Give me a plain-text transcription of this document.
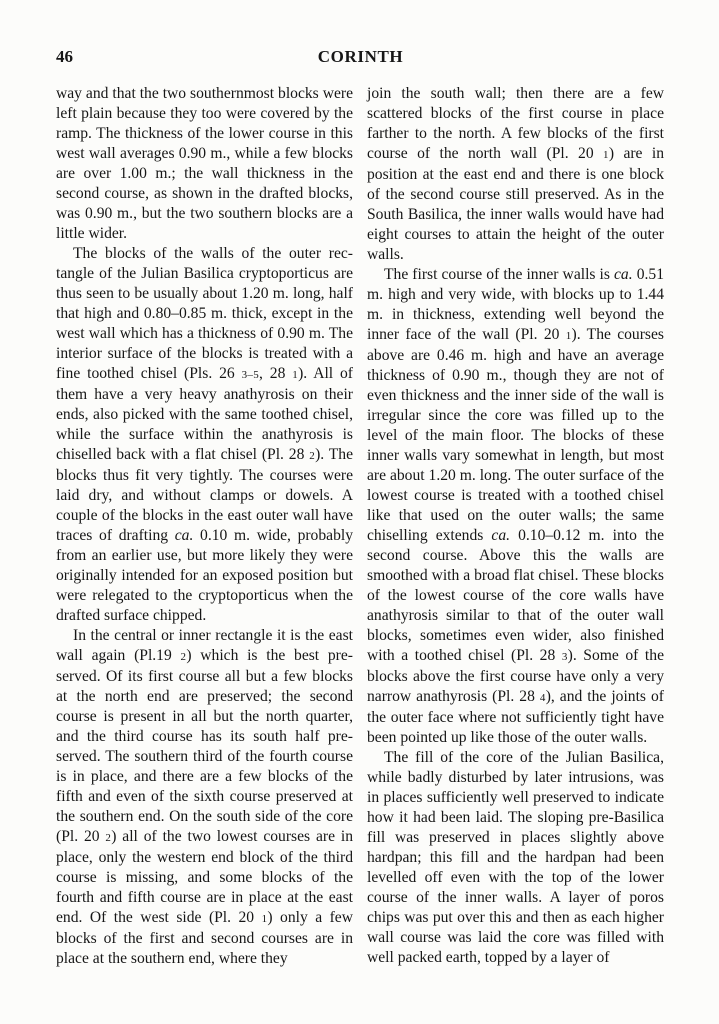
46	CORINTH

way and that the two southernmost blocks were left plain because they too were covered by the ramp. The thickness of the lower course in this west wall averages 0.90 m., while a few blocks are over 1.00 m.; the wall thickness in the second course, as shown in the drafted blocks, was 0.90 m., but the two southern blocks are a little wider.

The blocks of the walls of the outer rectangle of the Julian Basilica cryptoporticus are thus seen to be usually about 1.20 m. long, half that high and 0.80–0.85 m. thick, except in the west wall which has a thickness of 0.90 m. The interior surface of the blocks is treated with a fine toothed chisel (Pls. 26 3–5, 28 1). All of them have a very heavy anathyrosis on their ends, also picked with the same toothed chisel, while the surface within the anathyrosis is chiselled back with a flat chisel (Pl. 28 2). The blocks thus fit very tightly. The courses were laid dry, and without clamps or dowels. A couple of the blocks in the east outer wall have traces of drafting ca. 0.10 m. wide, probably from an earlier use, but more likely they were originally intended for an exposed position but were relegated to the cryptoporticus when the drafted surface chipped.

In the central or inner rectangle it is the east wall again (Pl.19 2) which is the best preserved. Of its first course all but a few blocks at the north end are preserved; the second course is present in all but the north quarter, and the third course has its south half preserved. The southern third of the fourth course is in place, and there are a few blocks of the fifth and even of the sixth course preserved at the southern end. On the south side of the core (Pl. 20 2) all of the two lowest courses are in place, only the western end block of the third course is missing, and some blocks of the fourth and fifth course are in place at the east end. Of the west side (Pl. 20 1) only a few blocks of the first and second courses are in place at the southern end, where they

join the south wall; then there are a few scattered blocks of the first course in place farther to the north. A few blocks of the first course of the north wall (Pl. 20 1) are in position at the east end and there is one block of the second course still preserved. As in the South Basilica, the inner walls would have had eight courses to attain the height of the outer walls.

The first course of the inner walls is ca. 0.51 m. high and very wide, with blocks up to 1.44 m. in thickness, extending well beyond the inner face of the wall (Pl. 20 1). The courses above are 0.46 m. high and have an average thickness of 0.90 m., though they are not of even thickness and the inner side of the wall is irregular since the core was filled up to the level of the main floor. The blocks of these inner walls vary somewhat in length, but most are about 1.20 m. long. The outer surface of the lowest course is treated with a toothed chisel like that used on the outer walls; the same chiselling extends ca. 0.10–0.12 m. into the second course. Above this the walls are smoothed with a broad flat chisel. These blocks of the lowest course of the core walls have anathyrosis similar to that of the outer wall blocks, sometimes even wider, also finished with a toothed chisel (Pl. 28 3). Some of the blocks above the first course have only a very narrow anathyrosis (Pl. 28 4), and the joints of the outer face where not sufficiently tight have been pointed up like those of the outer walls.

The fill of the core of the Julian Basilica, while badly disturbed by later intrusions, was in places sufficiently well preserved to indicate how it had been laid. The sloping pre-Basilica fill was preserved in places slightly above hardpan; this fill and the hardpan had been levelled off even with the top of the lower course of the inner walls. A layer of poros chips was put over this and then as each higher wall course was laid the core was filled with well packed earth, topped by a layer of
